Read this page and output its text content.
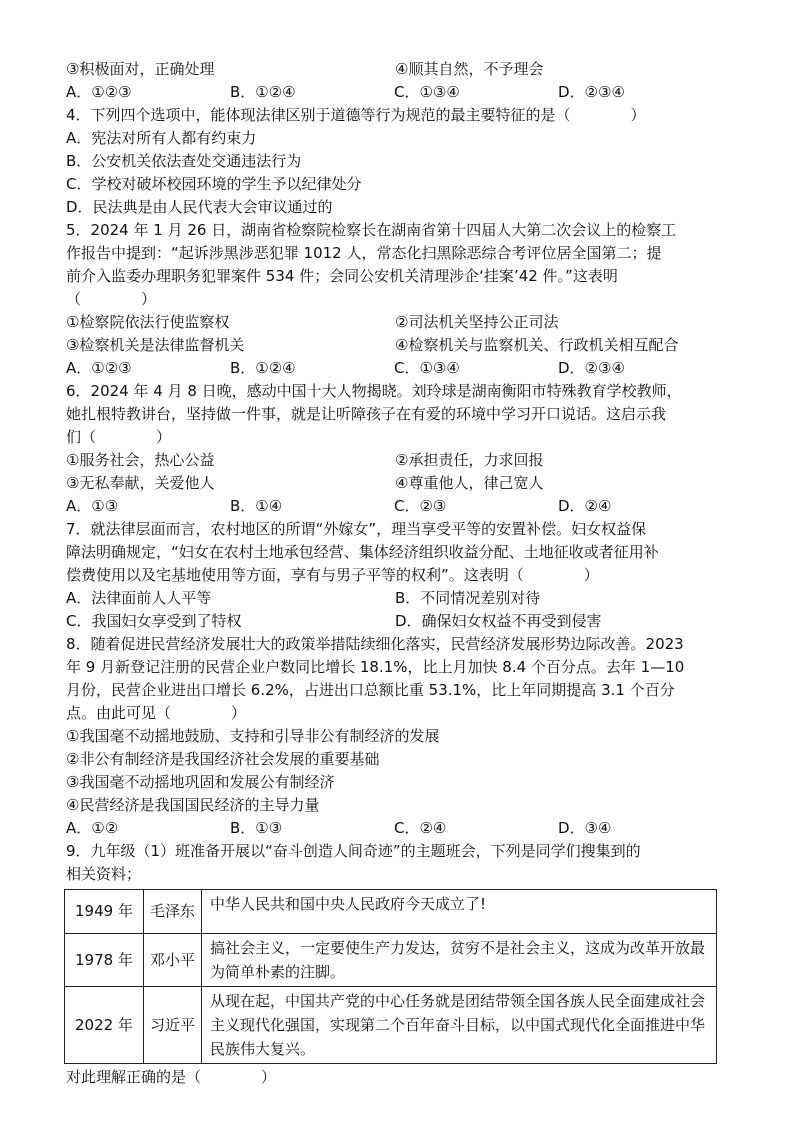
③积极面对，正确处理	④顺其自然，不予理会
A．①②③	B．①②④	C．①③④	D．②③④
4．下列四个选项中，能体现法律区别于道德等行为规范的最主要特征的是（　　　　）
A．宪法对所有人都有约束力
B．公安机关依法查处交通违法行为
C．学校对破坏校园环境的学生予以纪律处分
D．民法典是由人民代表大会审议通过的
5．2024 年 1 月 26 日，湖南省检察院检察长在湖南省第十四届人大第二次会议上的检察工
作报告中提到：“起诉涉黑涉恶犯罪 1012 人，常态化扫黑除恶综合考评位居全国第二；提
前介入监委办理职务犯罪案件 534 件；会同公安机关清理涉企‘挂案’42 件。”这表明
（　　　　）
①检察院依法行使监察权	②司法机关坚持公正司法
③检察机关是法律监督机关	④检察机关与监察机关、行政机关相互配合
A．①②③	B．①②④	C．①③④	D．②③④
6．2024 年 4 月 8 日晚，感动中国十大人物揭晓。刘玲球是湖南衡阳市特殊教育学校教师，
她扎根特教讲台，坚持做一件事，就是让听障孩子在有爱的环境中学习开口说话。这启示我
们（　　　　）
①服务社会，热心公益	②承担责任，力求回报
③无私奉献，关爱他人	④尊重他人，律己宽人
A．①③	B．①④	C．②③	D．②④
7．就法律层面而言，农村地区的所谓“外嫁女”，理当享受平等的安置补偿。妇女权益保
障法明确规定，“妇女在农村土地承包经营、集体经济组织收益分配、土地征收或者征用补
偿费使用以及宅基地使用等方面，享有与男子平等的权利”。这表明（　　　　）
A．法律面前人人平等	B．不同情况差别对待
C．我国妇女享受到了特权	D．确保妇女权益不再受到侵害
8．随着促进民营经济发展壮大的政策举措陆续细化落实，民营经济发展形势边际改善。2023
年 9 月新登记注册的民营企业户数同比增长 18.1%，比上月加快 8.4 个百分点。去年 1—10
月份，民营企业进出口增长 6.2%，占进出口总额比重 53.1%，比上年同期提高 3.1 个百分
点。由此可见（　　　　）
①我国毫不动摇地鼓励、支持和引导非公有制经济的发展
②非公有制经济是我国经济社会发展的重要基础
③我国毫不动摇地巩固和发展公有制经济
④民营经济是我国国民经济的主导力量
A．①②	B．①③	C．②④	D．③④
9．九年级（1）班准备开展以“奋斗创造人间奇迹”的主题班会，下列是同学们搜集到的
相关资料；
1949 年	毛泽东	中华人民共和国中央人民政府今天成立了!
1978 年	邓小平	搞社会主义，一定要使生产力发达，贫穷不是社会主义，这成为改革开放最为简单朴素的注脚。
2022 年	习近平	从现在起，中国共产党的中心任务就是团结带领全国各族人民全面建成社会主义现代化强国，实现第二个百年奋斗目标，以中国式现代化全面推进中华民族伟大复兴。
对此理解正确的是（　　　　）
